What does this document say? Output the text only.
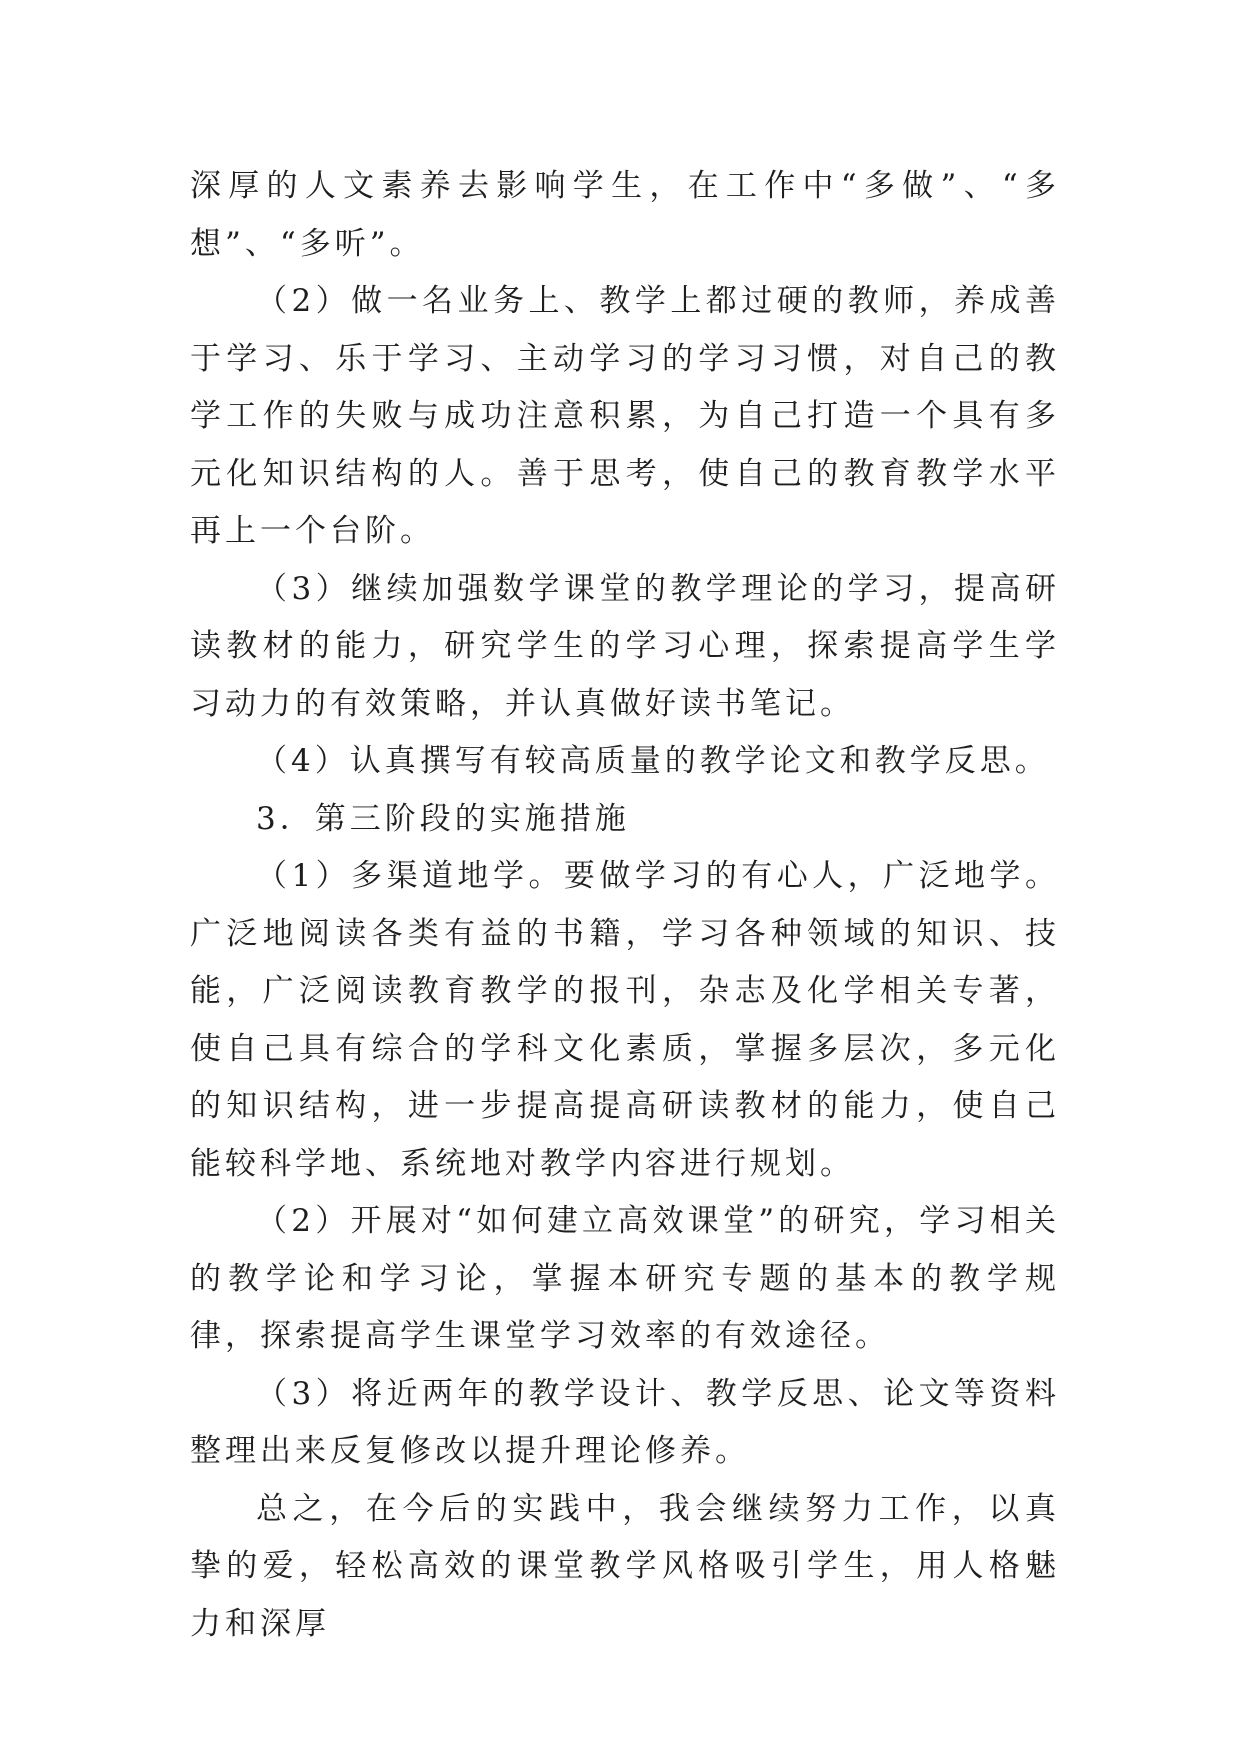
深厚的人文素养去影响学生，在工作中“多做”、“多想”、“多听”。

（2）做一名业务上、教学上都过硬的教师，养成善于学习、乐于学习、主动学习的学习习惯，对自己的教学工作的失败与成功注意积累，为自己打造一个具有多元化知识结构的人。善于思考，使自己的教育教学水平再上一个台阶。

（3）继续加强数学课堂的教学理论的学习，提高研读教材的能力，研究学生的学习心理，探索提高学生学习动力的有效策略，并认真做好读书笔记。

（4）认真撰写有较高质量的教学论文和教学反思。

3．第三阶段的实施措施

（1）多渠道地学。要做学习的有心人，广泛地学。广泛地阅读各类有益的书籍，学习各种领域的知识、技能，广泛阅读教育教学的报刊，杂志及化学相关专著，使自己具有综合的学科文化素质，掌握多层次，多元化的知识结构，进一步提高提高研读教材的能力，使自己能较科学地、系统地对教学内容进行规划。

（2）开展对“如何建立高效课堂”的研究，学习相关的教学论和学习论，掌握本研究专题的基本的教学规律，探索提高学生课堂学习效率的有效途径。

（3）将近两年的教学设计、教学反思、论文等资料整理出来反复修改以提升理论修养。

总之，在今后的实践中，我会继续努力工作，以真挚的爱，轻松高效的课堂教学风格吸引学生，用人格魅力和深厚
